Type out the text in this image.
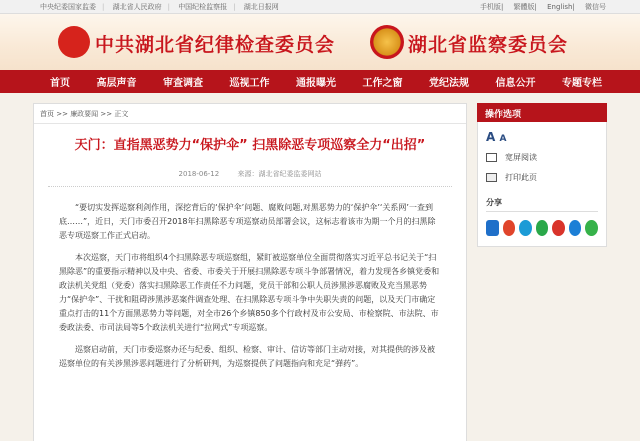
中央纪委国家监委 | 湖北省人民政府 | 中国纪检监察报 | 湖北日报网	手机版| 繁體版| English| 微信号
中共湖北省纪律检查委员会	湖北省监察委员会
首页	高层声音	审查调查	巡视工作	通报曝光	工作之窗	党纪法规	信息公开	专题专栏
首页 >> 廉政要闻 >> 正文
天门：直指黑恶势力“保护伞” 扫黑除恶专项巡察全力“出招”
2018-06-12	来源：湖北省纪委监委网站

“要切实发挥巡察利剑作用，深挖背后的‘保护伞’问题、腐败问题,对黑恶势力的‘保护伞’‘关系网’一查到底……”，近日，天门市委召开2018年扫黑除恶专项巡察动员部署会议，这标志着该市为期一个月的扫黑除恶专项巡察工作正式启动。

本次巡察，天门市将组织4个扫黑除恶专项巡察组，紧盯被巡察单位全面贯彻落实习近平总书记关于“扫黑除恶”的重要指示精神以及中央、省委、市委关于开展扫黑除恶专项斗争部署情况，着力发现各乡镇党委和政法机关党组（党委）落实扫黑除恶工作责任不力问题，党员干部和公职人员涉黑涉恶腐败及充当黑恶势力“保护伞”、干扰和阻碍涉黑涉恶案件调查处理、在扫黑除恶专项斗争中失职失责的问题，以及天门市确定重点打击的11个方面黑恶势力等问题，对全市26个乡镇850多个行政村及市公安局、市检察院、市法院、市委政法委、市司法局等5个政法机关进行“拉网式”专项巡察。

巡察启动前，天门市委巡察办还与纪委、组织、检察、审计、信访等部门主动对接，对其提供的涉及被巡察单位的有关涉黑涉恶问题进行了分析研判，为巡察提供了问题指向和充足“弹药”。

操作选项
A A
宽屏阅读
打印此页
分享
